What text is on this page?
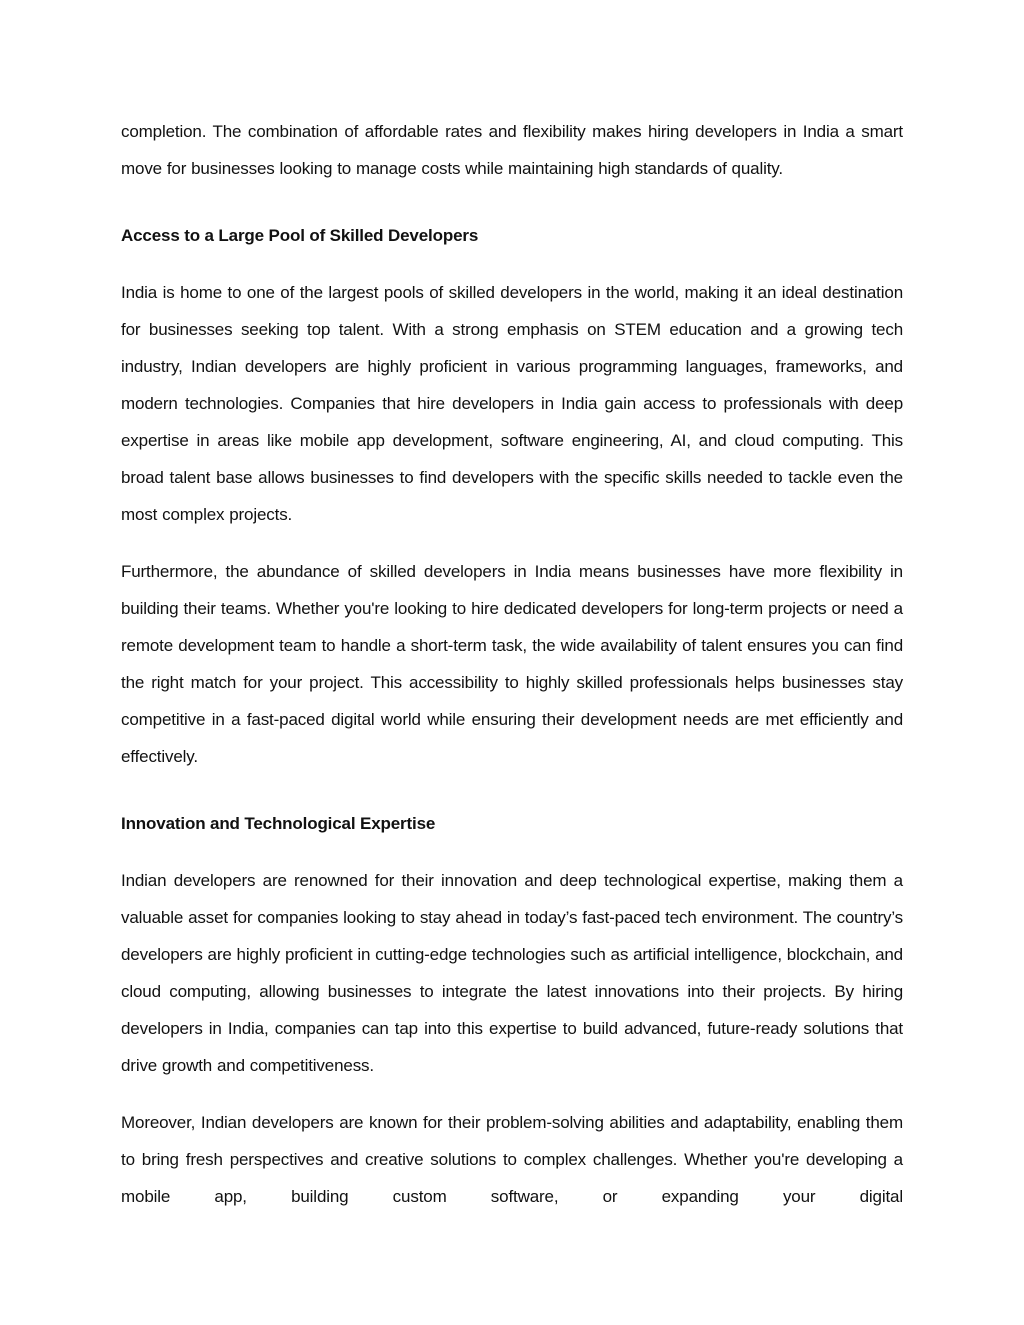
completion. The combination of affordable rates and flexibility makes hiring developers in India a smart move for businesses looking to manage costs while maintaining high standards of quality.

Access to a Large Pool of Skilled Developers

India is home to one of the largest pools of skilled developers in the world, making it an ideal destination for businesses seeking top talent. With a strong emphasis on STEM education and a growing tech industry, Indian developers are highly proficient in various programming languages, frameworks, and modern technologies. Companies that hire developers in India gain access to professionals with deep expertise in areas like mobile app development, software engineering, AI, and cloud computing. This broad talent base allows businesses to find developers with the specific skills needed to tackle even the most complex projects.

Furthermore, the abundance of skilled developers in India means businesses have more flexibility in building their teams. Whether you're looking to hire dedicated developers for long-term projects or need a remote development team to handle a short-term task, the wide availability of talent ensures you can find the right match for your project. This accessibility to highly skilled professionals helps businesses stay competitive in a fast-paced digital world while ensuring their development needs are met efficiently and effectively.

Innovation and Technological Expertise

Indian developers are renowned for their innovation and deep technological expertise, making them a valuable asset for companies looking to stay ahead in today’s fast-paced tech environment. The country’s developers are highly proficient in cutting-edge technologies such as artificial intelligence, blockchain, and cloud computing, allowing businesses to integrate the latest innovations into their projects. By hiring developers in India, companies can tap into this expertise to build advanced, future-ready solutions that drive growth and competitiveness.

Moreover, Indian developers are known for their problem-solving abilities and adaptability, enabling them to bring fresh perspectives and creative solutions to complex challenges. Whether you're developing a mobile app, building custom software, or expanding your digital
